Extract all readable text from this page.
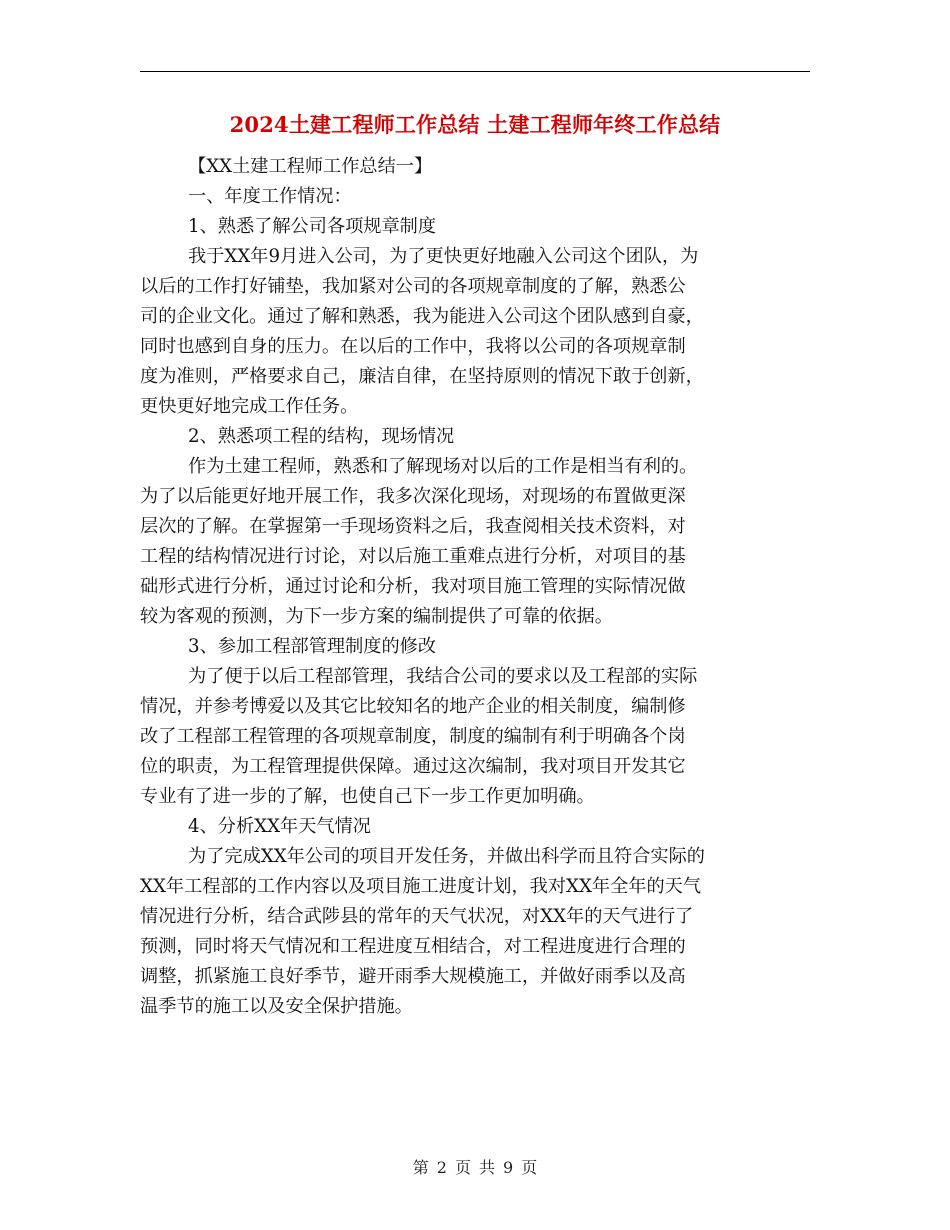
2024土建工程师工作总结 土建工程师年终工作总结

【XX土建工程师工作总结一】

一、年度工作情况：

1、熟悉了解公司各项规章制度

我于XX年9月进入公司，为了更快更好地融入公司这个团队，为

以后的工作打好铺垫，我加紧对公司的各项规章制度的了解，熟悉公

司的企业文化。通过了解和熟悉，我为能进入公司这个团队感到自豪，

同时也感到自身的压力。在以后的工作中，我将以公司的各项规章制

度为准则，严格要求自己，廉洁自律，在坚持原则的情况下敢于创新，

更快更好地完成工作任务。

2、熟悉项工程的结构，现场情况

作为土建工程师，熟悉和了解现场对以后的工作是相当有利的。

为了以后能更好地开展工作，我多次深化现场，对现场的布置做更深

层次的了解。在掌握第一手现场资料之后，我查阅相关技术资料，对

工程的结构情况进行讨论，对以后施工重难点进行分析，对项目的基

础形式进行分析，通过讨论和分析，我对项目施工管理的实际情况做

较为客观的预测，为下一步方案的编制提供了可靠的依据。

3、参加工程部管理制度的修改

为了便于以后工程部管理，我结合公司的要求以及工程部的实际

情况，并参考博爱以及其它比较知名的地产企业的相关制度，编制修

改了工程部工程管理的各项规章制度，制度的编制有利于明确各个岗

位的职责，为工程管理提供保障。通过这次编制，我对项目开发其它

专业有了进一步的了解，也使自己下一步工作更加明确。

4、分析XX年天气情况

为了完成XX年公司的项目开发任务，并做出科学而且符合实际的

XX年工程部的工作内容以及项目施工进度计划，我对XX年全年的天气

情况进行分析，结合武陟县的常年的天气状况，对XX年的天气进行了

预测，同时将天气情况和工程进度互相结合，对工程进度进行合理的

调整，抓紧施工良好季节，避开雨季大规模施工，并做好雨季以及高

温季节的施工以及安全保护措施。

第 2 页 共 9 页
